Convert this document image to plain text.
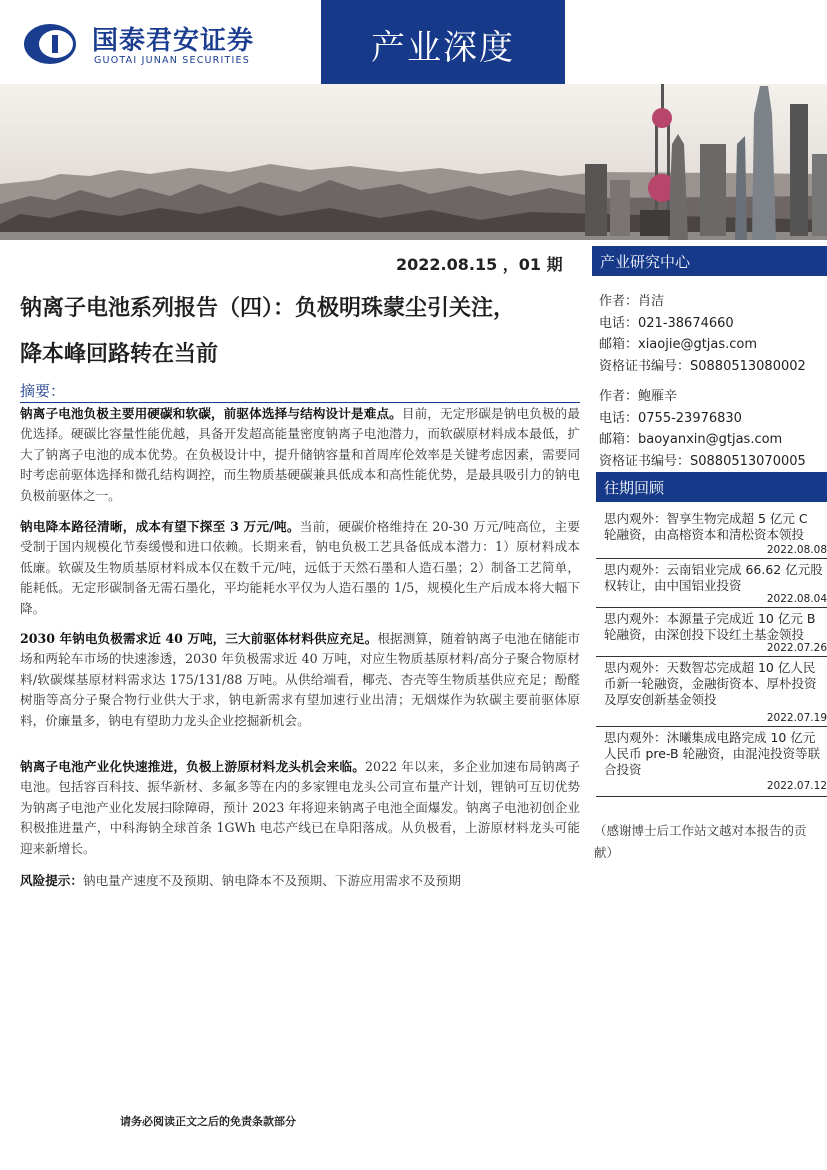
国泰君安证券
GUOTAI JUNAN SECURITIES	产业深度
2022.08.15 ，01 期
钠离子电池系列报告（四）：负极明珠蒙尘引关注，
降本峰回路转在当前
摘要：
钠离子电池负极主要用硬碳和软碳，前驱体选择与结构设计是难点。目前，无定形碳是钠电负极的最优选择。硬碳比容量性能优越，具备开发超高能量密度钠离子电池潜力，而软碳原材料成本最低，扩大了钠离子电池的成本优势。在负极设计中，提升储钠容量和首周库伦效率是关键考虑因素，需要同时考虑前驱体选择和微孔结构调控，而生物质基硬碳兼具低成本和高性能优势，是最具吸引力的钠电负极前驱体之一。
钠电降本路径清晰，成本有望下探至 3 万元/吨。当前，硬碳价格维持在 20-30 万元/吨高位，主要受制于国内规模化节奏缓慢和进口依赖。长期来看，钠电负极工艺具备低成本潜力：1）原材料成本低廉。软碳及生物质基原材料成本仅在数千元/吨，远低于天然石墨和人造石墨；2）制备工艺简单，能耗低。无定形碳制备无需石墨化，平均能耗水平仅为人造石墨的 1/5，规模化生产后成本将大幅下降。
2030 年钠电负极需求近 40 万吨，三大前驱体材料供应充足。根据测算，随着钠离子电池在储能市场和两轮车市场的快速渗透，2030 年负极需求近 40 万吨，对应生物质基原材料/高分子聚合物原材料/软碳煤基原材料需求达 175/131/88 万吨。从供给端看，椰壳、杏壳等生物质基供应充足；酚醛树脂等高分子聚合物行业供大于求，钠电新需求有望加速行业出清；无烟煤作为软碳主要前驱体原料，价廉量多，钠电有望助力龙头企业挖掘新机会。
钠离子电池产业化快速推进，负极上游原材料龙头机会来临。2022 年以来，多企业加速布局钠离子电池。包括容百科技、振华新材、多氟多等在内的多家锂电龙头公司宣布量产计划，锂钠可互切优势为钠离子电池产业化发展扫除障碍，预计 2023 年将迎来钠离子电池全面爆发。钠离子电池初创企业积极推进量产，中科海钠全球首条 1GWh 电芯产线已在阜阳落成。从负极看，上游原材料龙头可能迎来新增长。
风险提示：钠电量产速度不及预期、钠电降本不及预期、下游应用需求不及预期
请务必阅读正文之后的免责条款部分
产业研究中心
作者：肖洁
电话：021-38674660
邮箱：xiaojie@gtjas.com
资格证书编号：S0880513080002
作者：鲍雁辛
电话：0755-23976830
邮箱：baoyanxin@gtjas.com
资格证书编号：S0880513070005
往期回顾
思内观外：智享生物完成超 5 亿元 C 轮融资，由高榕资本和清松资本领投
2022.08.08
思内观外：云南铝业完成 66.62 亿元股权转让，由中国铝业投资
2022.08.04
思内观外：本源量子完成近 10 亿元 B 轮融资，由深创投下设红土基金领投
2022.07.26
思内观外：天数智芯完成超 10 亿人民币新一轮融资，金融街资本、厚朴投资及厚安创新基金领投
2022.07.19
思内观外：沐曦集成电路完成 10 亿元人民币 pre-B 轮融资，由混沌投资等联合投资
2022.07.12
（感谢博士后工作站文越对本报告的贡献）
